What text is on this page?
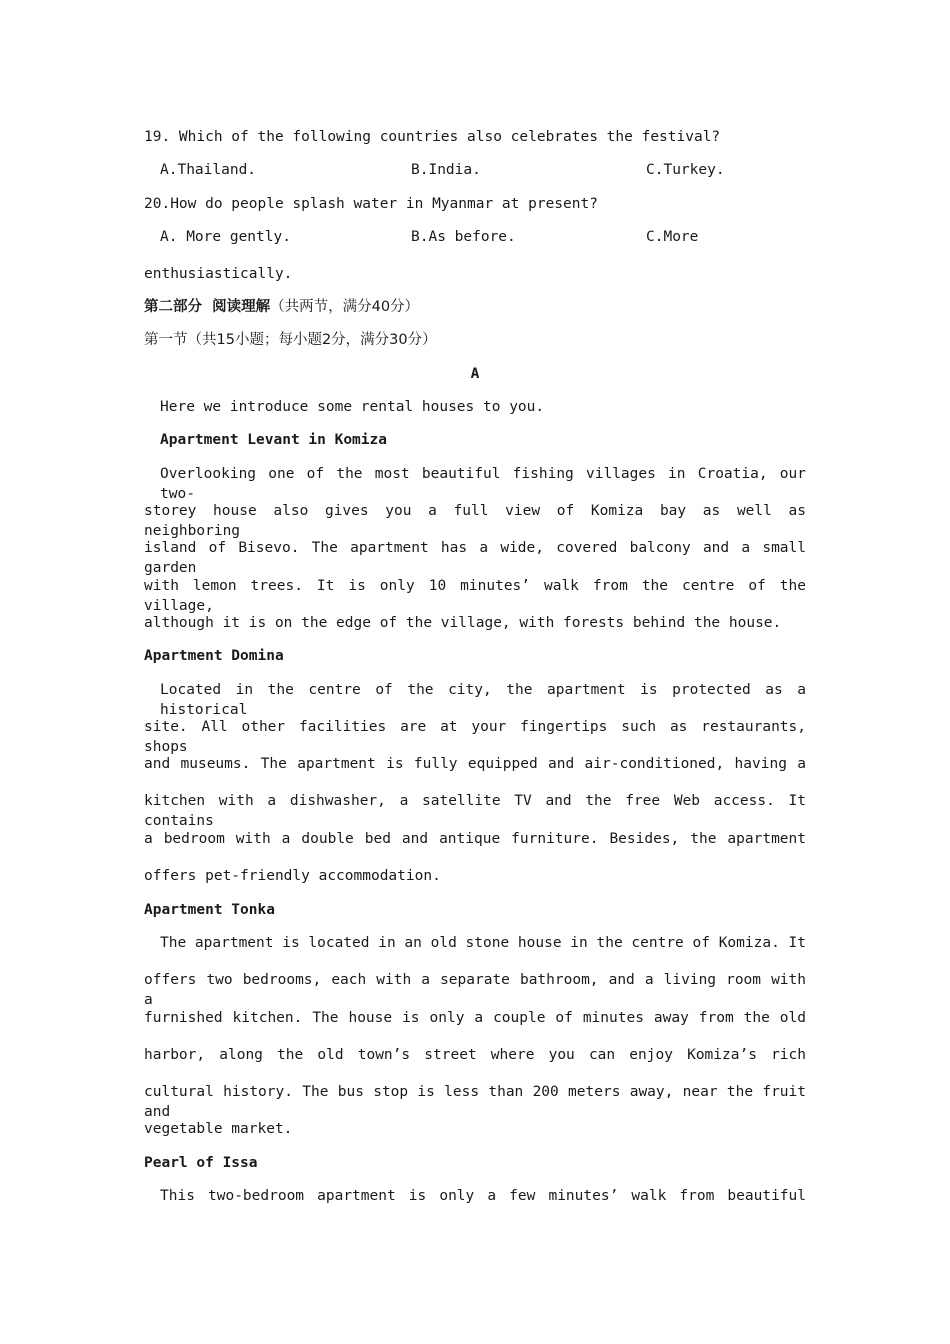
19. Which of the following countries also celebrates the festival?
A.Thailand.	B.India.	C.Turkey.
20.How do people splash water in Myanmar at present?
A. More gently.	B.As before.	C.More
enthusiastically.
第二部分  阅读理解（共两节，满分40分）
第一节（共15小题；每小题2分，满分30分）
A
Here we introduce some rental houses to you.
Apartment Levant in Komiza
Overlooking one of the most beautiful fishing villages in Croatia, our two-
storey house also gives you a full view of Komiza bay as well as neighboring
island of Bisevo. The apartment has a wide, covered balcony and a small garden
with lemon trees. It is only 10 minutes’ walk from the centre of the village,
although it is on the edge of the village, with forests behind the house.
Apartment Domina
Located in the centre of the city, the apartment is protected as a historical
site. All other facilities are at your fingertips such as restaurants, shops
and museums. The apartment is fully equipped and air-conditioned, having a
kitchen with a dishwasher, a satellite TV and the free Web access. It contains
a bedroom with a double bed and antique furniture. Besides, the apartment
offers pet-friendly accommodation.
Apartment Tonka
The apartment is located in an old stone house in the centre of Komiza. It
offers two bedrooms, each with a separate bathroom, and a living room with a
furnished kitchen. The house is only a couple of minutes away from the old
harbor, along the old town’s street where you can enjoy Komiza’s rich
cultural history. The bus stop is less than 200 meters away, near the fruit and
vegetable market.
Pearl of Issa
This two-bedroom apartment is only a few minutes’ walk from beautiful
